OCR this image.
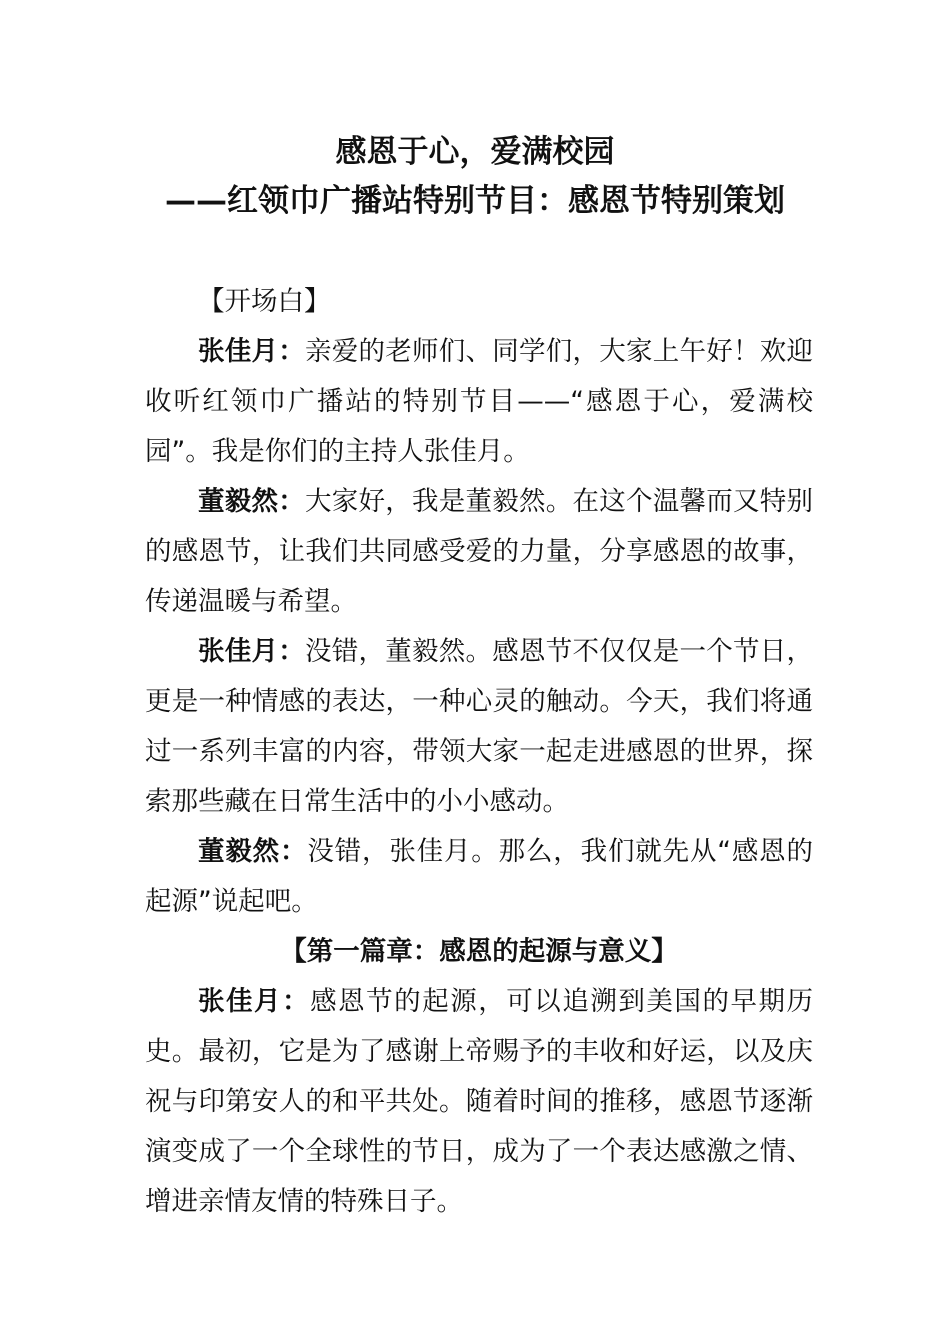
感恩于心，爱满校园
——红领巾广播站特别节目：感恩节特别策划

【开场白】

张佳月：亲爱的老师们、同学们，大家上午好！欢迎收听红领巾广播站的特别节目——“感恩于心，爱满校园”。我是你们的主持人张佳月。

董毅然：大家好，我是董毅然。在这个温馨而又特别的感恩节，让我们共同感受爱的力量，分享感恩的故事，传递温暖与希望。

张佳月：没错，董毅然。感恩节不仅仅是一个节日，更是一种情感的表达，一种心灵的触动。今天，我们将通过一系列丰富的内容，带领大家一起走进感恩的世界，探索那些藏在日常生活中的小小感动。

董毅然：没错，张佳月。那么，我们就先从“感恩的起源”说起吧。

【第一篇章：感恩的起源与意义】

张佳月：感恩节的起源，可以追溯到美国的早期历史。最初，它是为了感谢上帝赐予的丰收和好运，以及庆祝与印第安人的和平共处。随着时间的推移，感恩节逐渐演变成了一个全球性的节日，成为了一个表达感激之情、增进亲情友情的特殊日子。
